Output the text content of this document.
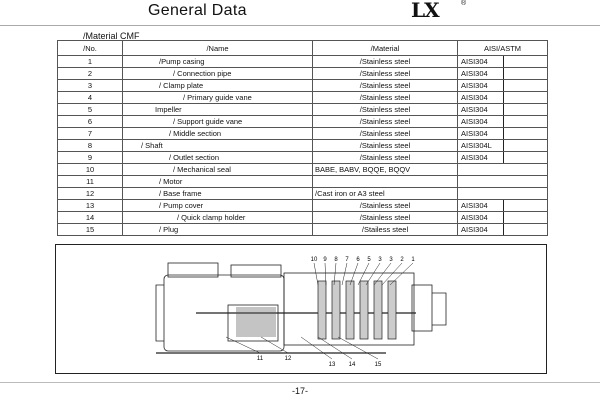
General Data	LX	®
/Material CMF
/No.	/Name	/Material	AISI/ASTM
1	/Pump casing	/Stainless steel	AISI304

2	/ Connection pipe	/Stainless steel	AISI304

3	/ Clamp plate	/Stainless steel	AISI304

4	/ Primary guide vane	/Stainless steel	AISI304

5	Impeller	/Stainless steel	AISI304

6	/ Support guide vane	/Stainless steel	AISI304

7	/ Middle section	/Stainless steel	AISI304

8	/ Shaft	/Stainless steel	AISI304L

9	/ Outlet section	/Stainless steel	AISI304

10	/ Mechanical seal	BABE, BABV, BQQE, BQQV	

11	/ Motor		

12	/ Base frame	/Cast iron or A3 steel	

13	/ Pump cover	/Stainless steel	AISI304

14	/ Quick clamp holder	/Stainless steel	AISI304

15	/ Plug	/Stailess steel	AISI304
10 9 8 7 6 5 3 3 2 1
11	12
13 14	15
-17-
